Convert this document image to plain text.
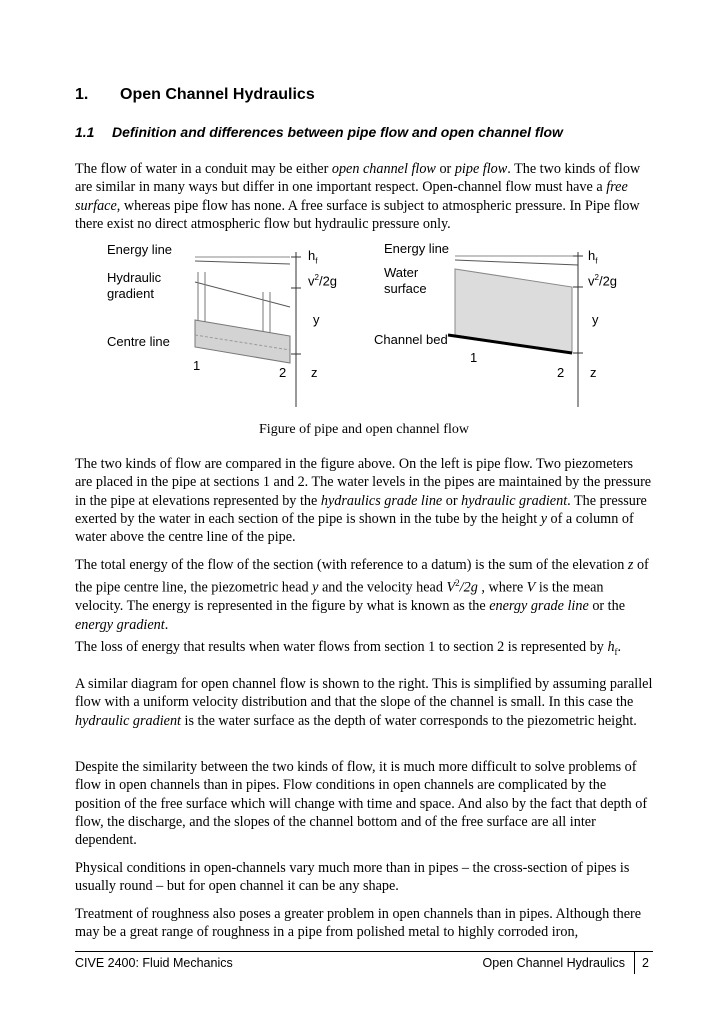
1. Open Channel Hydraulics
1.1 Definition and differences between pipe flow and open channel flow

The flow of water in a conduit may be either open channel flow or pipe flow. The two kinds of flow are similar in many ways but differ in one important respect. Open-channel flow must have a free surface, whereas pipe flow has none. A free surface is subject to atmospheric pressure. In Pipe flow there exist no direct atmospheric flow but hydraulic pressure only.

Energy line
Hydraulic
gradient
Centre line
$h_f$
$v^2/2g$
y
z
1	2
Energy line
Water
surface
Channel bed
$h_f$
$v^2/2g$
y
z
1
2
Figure of pipe and open channel flow

The two kinds of flow are compared in the figure above. On the left is pipe flow. Two piezometers are placed in the pipe at sections 1 and 2. The water levels in the pipes are maintained by the pressure in the pipe at elevations represented by the hydraulics grade line or hydraulic gradient. The pressure exerted by the water in each section of the pipe is shown in the tube by the height y of a column of water above the centre line of the pipe.

The total energy of the flow of the section (with reference to a datum) is the sum of the elevation z of the pipe centre line, the piezometric head y and the velocity head $V^2/2g$ , where V is the mean velocity. The energy is represented in the figure by what is known as the energy grade line or the energy gradient.

The loss of energy that results when water flows from section 1 to section 2 is represented by $h_f$.

A similar diagram for open channel flow is shown to the right. This is simplified by assuming parallel flow with a uniform velocity distribution and that the slope of the channel is small. In this case the hydraulic gradient is the water surface as the depth of water corresponds to the piezometric height.

Despite the similarity between the two kinds of flow, it is much more difficult to solve problems of flow in open channels than in pipes. Flow conditions in open channels are complicated by the position of the free surface which will change with time and space. And also by the fact that depth of flow, the discharge, and the slopes of the channel bottom and of the free surface are all inter dependent.

Physical conditions in open-channels vary much more than in pipes – the cross-section of pipes is usually round – but for open channel it can be any shape.

Treatment of roughness also poses a greater problem in open channels than in pipes. Although there may be a great range of roughness in a pipe from polished metal to highly corroded iron,

CIVE 2400: Fluid Mechanics	Open Channel Hydraulics 2
